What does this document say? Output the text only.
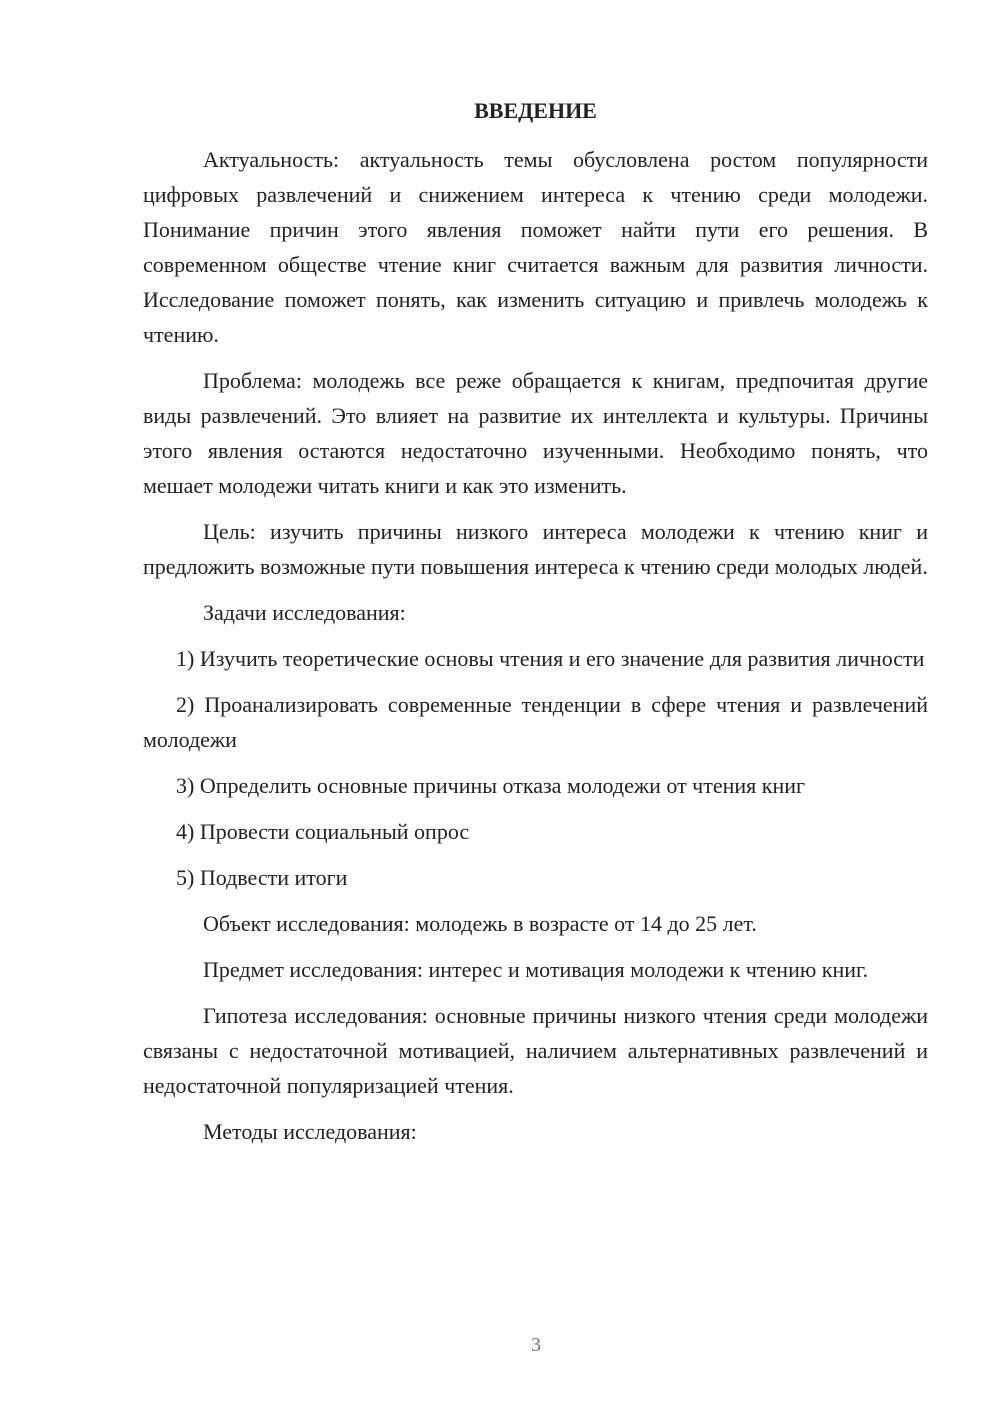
ВВЕДЕНИЕ

Актуальность: актуальность темы обусловлена ростом популярности цифровых развлечений и снижением интереса к чтению среди молодежи. Понимание причин этого явления поможет найти пути его решения. В современном обществе чтение книг считается важным для развития личности. Исследование поможет понять, как изменить ситуацию и привлечь молодежь к чтению.

Проблема: молодежь все реже обращается к книгам, предпочитая другие виды развлечений. Это влияет на развитие их интеллекта и культуры. Причины этого явления остаются недостаточно изученными. Необходимо понять, что мешает молодежи читать книги и как это изменить.

Цель: изучить причины низкого интереса молодежи к чтению книг и предложить возможные пути повышения интереса к чтению среди молодых людей.

Задачи исследования:

1) Изучить теоретические основы чтения и его значение для развития личности

2) Проанализировать современные тенденции в сфере чтения и развлечений молодежи

3) Определить основные причины отказа молодежи от чтения книг

4) Провести социальный опрос

5) Подвести итоги

Объект исследования: молодежь в возрасте от 14 до 25 лет.

Предмет исследования: интерес и мотивация молодежи к чтению книг.

Гипотеза исследования: основные причины низкого чтения среди молодежи связаны с недостаточной мотивацией, наличием альтернативных развлечений и недостаточной популяризацией чтения.

Методы исследования:

3
